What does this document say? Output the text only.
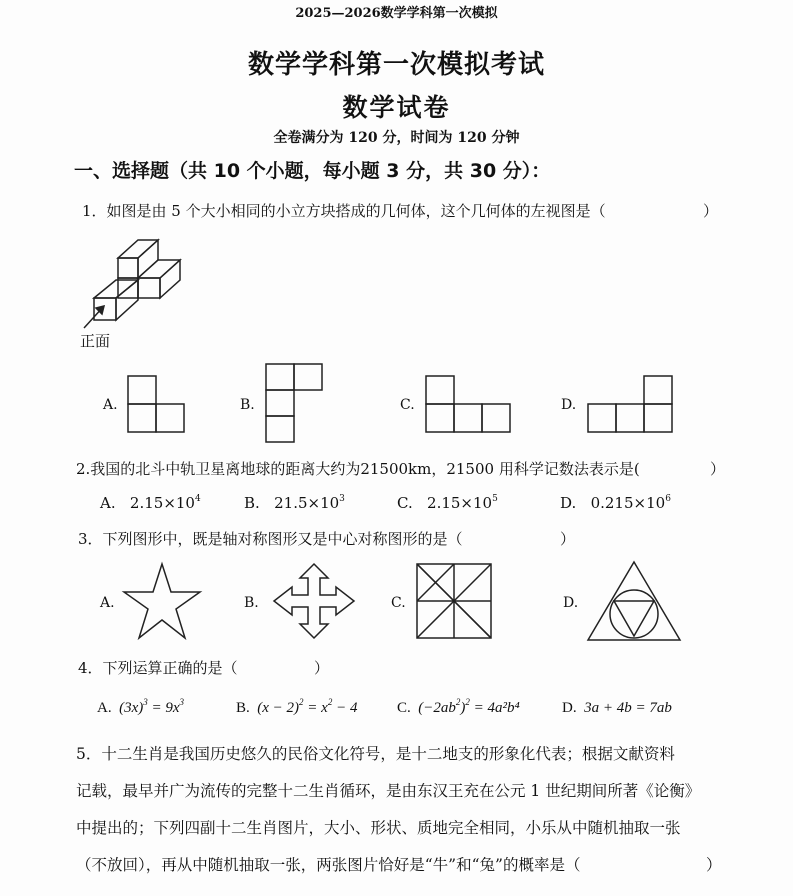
2025—2026数学学科第一次模拟
数学学科第一次模拟考试
数学试卷
全卷满分为 120 分，时间为 120 分钟
一、选择题（共 10 个小题，每小题 3 分，共 30 分）：
1．如图是由 5 个大小相同的小立方块搭成的几何体，这个几何体的左视图是（	）
正面
A.	B.	C.	D.
2.我国的北斗中轨卫星离地球的距离大约为21500km，21500 用科学记数法表示是(	）
A. $2.15\times 10^4$	B. $21.5\times 10^3$	C. $2.15\times 10^5$	D. $0.215\times 10^6$
3．下列图形中，既是轴对称图形又是中心对称图形的是（	）
A.	B.	C.	D.
4．下列运算正确的是（	）
A. $(3x)^3 = 9x^3$	B. $(x - 2)^2 = x^2 - 4$	C. $(-2ab^2)^2 = 4a^2b^4$	D. 3a + 4b = 7ab
5．十二生肖是我国历史悠久的民俗文化符号，是十二地支的形象化代表；根据文献资料
记载，最早并广为流传的完整十二生肖循环，是由东汉王充在公元 1 世纪期间所著《论衡》
中提出的；下列四副十二生肖图片，大小、形状、质地完全相同，小乐从中随机抽取一张
（不放回），再从中随机抽取一张，两张图片恰好是“牛”和“兔”的概率是（	）
